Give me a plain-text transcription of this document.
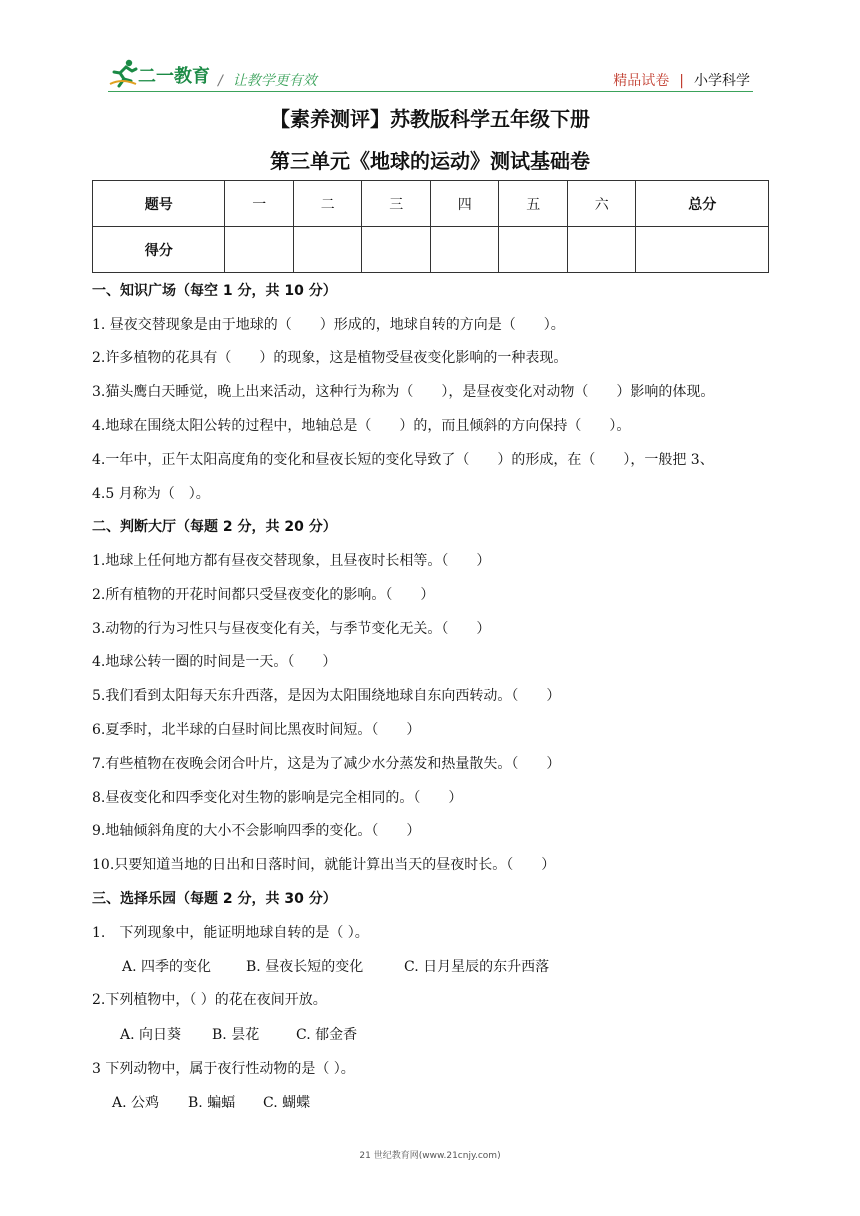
二一教育 / 让教学更有效	精品试卷 | 小学科学
【素养测评】苏教版科学五年级下册
第三单元《地球的运动》测试基础卷
题号	一	二	三	四	五	六	总分
得分							
一、知识广场（每空 1 分，共 10 分）
1. 昼夜交替现象是由于地球的（　　）形成的，地球自转的方向是（　　）。
2.许多植物的花具有（　　）的现象，这是植物受昼夜变化影响的一种表现。
3.猫头鹰白天睡觉，晚上出来活动，这种行为称为（　　），是昼夜变化对动物（　　）影响的体现。
4.地球在围绕太阳公转的过程中，地轴总是（　　）的，而且倾斜的方向保持（　　）。
4.一年中，正午太阳高度角的变化和昼夜长短的变化导致了（　　）的形成，在（　　），一般把 3、
4.5 月称为（　）。
二、判断大厅（每题 2 分，共 20 分）
1.地球上任何地方都有昼夜交替现象，且昼夜时长相等。（　　）
2.所有植物的开花时间都只受昼夜变化的影响。（　　）
3.动物的行为习性只与昼夜变化有关，与季节变化无关。（　　）
4.地球公转一圈的时间是一天。（　　）
5.我们看到太阳每天东升西落，是因为太阳围绕地球自东向西转动。（　　）
6.夏季时，北半球的白昼时间比黑夜时间短。（　　）
7.有些植物在夜晚会闭合叶片，这是为了减少水分蒸发和热量散失。（　　）
8.昼夜变化和四季变化对生物的影响是完全相同的。（　　）
9.地轴倾斜角度的大小不会影响四季的变化。（　　）
10.只要知道当地的日出和日落时间，就能计算出当天的昼夜时长。（　　）
三、选择乐园（每题 2 分，共 30 分）
1.　下列现象中，能证明地球自转的是（ ）。
A. 四季的变化 B. 昼夜长短的变化	C. 日月星辰的东升西落
2.下列植物中，（ ）的花在夜间开放。
A. 向日葵 B. 昙花	C. 郁金香
3 下列动物中，属于夜行性动物的是（ ）。
A. 公鸡 B. 蝙蝠 C. 蝴蝶
21 世纪教育网(www.21cnjy.com)
